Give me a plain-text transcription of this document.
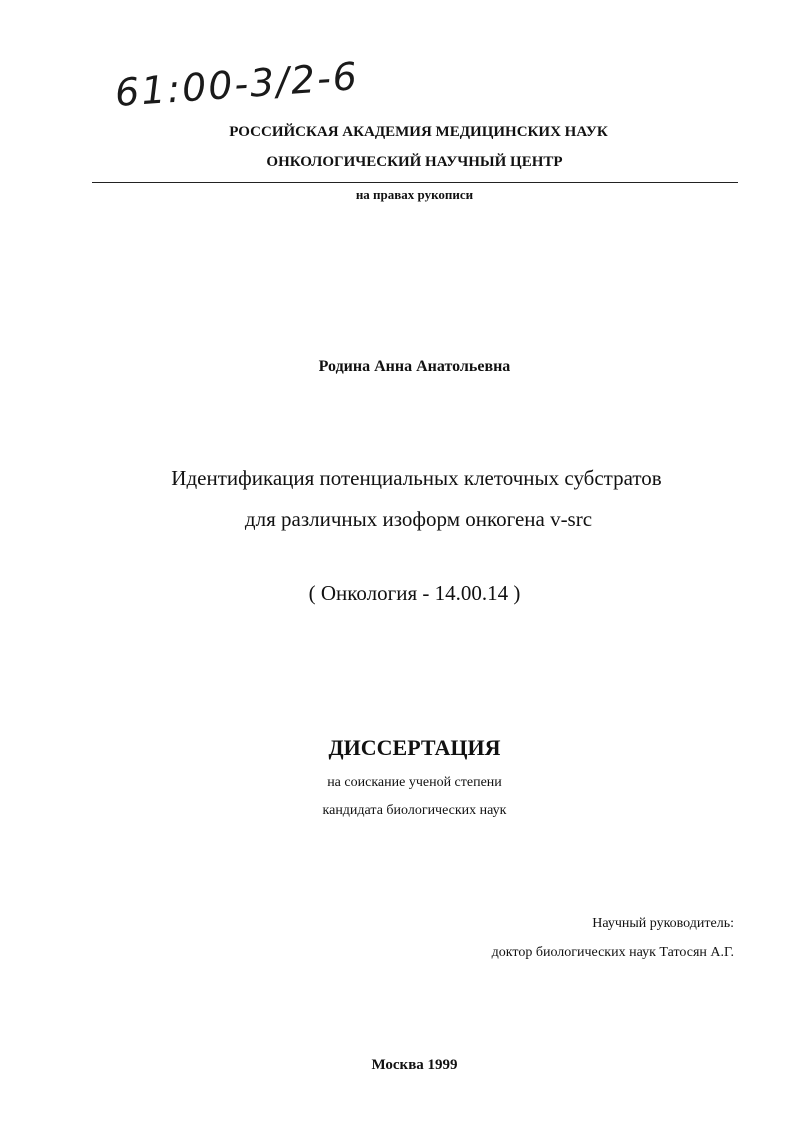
61:00-3/2-6
РОССИЙСКАЯ АКАДЕМИЯ МЕДИЦИНСКИХ НАУК
ОНКОЛОГИЧЕСКИЙ НАУЧНЫЙ ЦЕНТР
на правах рукописи
Родина Анна Анатольевна
Идентификация потенциальных клеточных субстратов
для различных изоформ онкогена v-src
( Онкология - 14.00.14 )
ДИССЕРТАЦИЯ
на соискание ученой степени
кандидата биологических наук
Научный руководитель:
доктор биологических наук Татосян А.Г.
Москва 1999
